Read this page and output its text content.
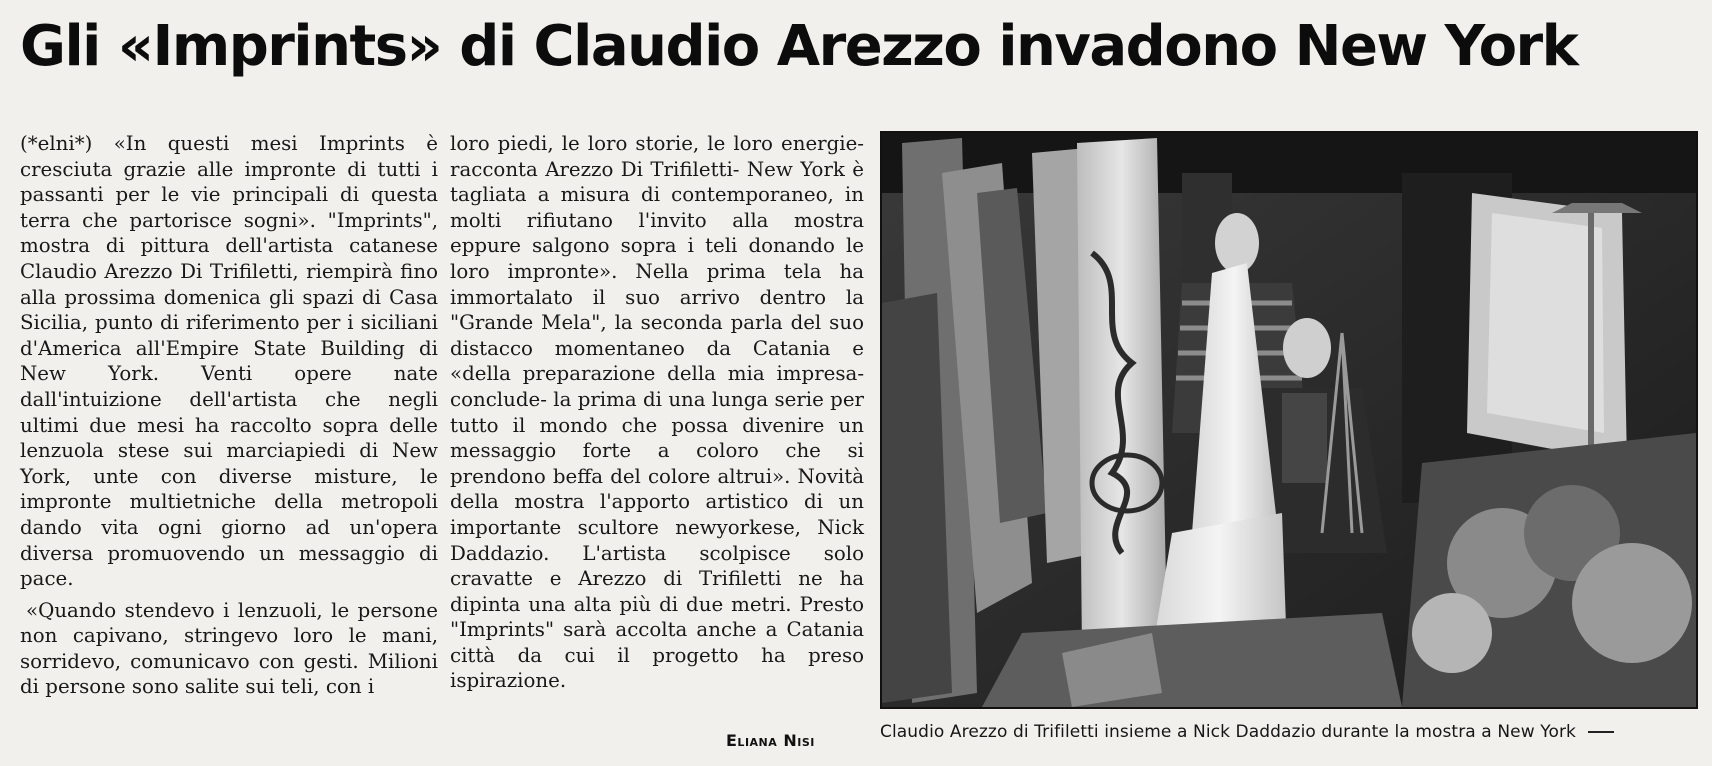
Gli «Imprints» di Claudio Arezzo invadono New York

(*elni*) «In questi mesi Imprints è cresciuta grazie alle impronte di tutti i passanti per le vie principali di questa terra che partorisce sogni». "Imprints", mostra di pittura dell'artista catanese Claudio Arezzo Di Trifiletti, riempirà fino alla prossima domenica gli spazi di Casa Sicilia, punto di riferimento per i siciliani d'America all'Empire State Building di New York. Venti opere nate dall'intuizione dell'artista che negli ultimi due mesi ha raccolto sopra delle lenzuola stese sui marciapiedi di New York, unte con diverse misture, le impronte multietniche della metropoli dando vita ogni giorno ad un'opera diversa promuovendo un messaggio di pace.

«Quando stendevo i lenzuoli, le persone non capivano, stringevo loro le mani, sorridevo, comunicavo con gesti. Milioni di persone sono salite sui teli, con i

loro piedi, le loro storie, le loro energie- racconta Arezzo Di Trifiletti- New York è tagliata a misura di contemporaneo, in molti rifiutano l'invito alla mostra eppure salgono sopra i teli donando le loro impronte». Nella prima tela ha immortalato il suo arrivo dentro la "Grande Mela", la seconda parla del suo distacco momentaneo da Catania e «della preparazione della mia impresa-conclude- la prima di una lunga serie per tutto il mondo che possa divenire un messaggio forte a coloro che si prendono beffa del colore altrui». Novità della mostra l'apporto artistico di un importante scultore newyorkese, Nick Daddazio. L'artista scolpisce solo cravatte e Arezzo di Trifiletti ne ha dipinta una alta più di due metri. Presto "Imprints" sarà accolta anche a Catania città da cui il progetto ha preso ispirazione.

Eliana Nisi	Claudio Arezzo di Trifiletti insieme a Nick Daddazio durante la mostra a New York
